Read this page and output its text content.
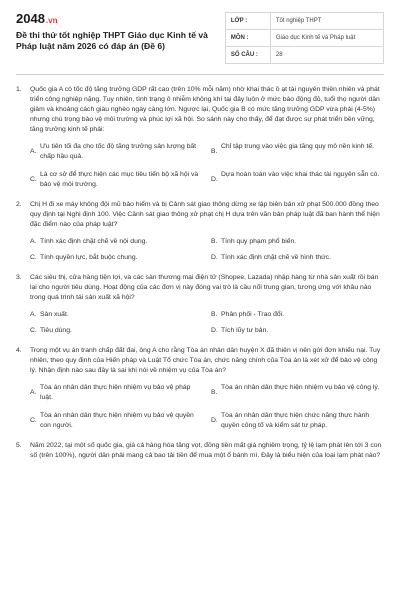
2048.vn
Đề thi thử tốt nghiệp THPT Giáo dục Kinh tế và Pháp luật năm 2026 có đáp án (Đề 6)
LỚP :	Tốt nghiệp THPT
MÔN :	Giáo dục Kinh tế và Pháp luật
SỐ CÂU :	28
1.	Quốc gia A có tốc độ tăng trưởng GDP rất cao (trên 10% mỗi năm) nhờ khai thác ồ ạt tài nguyên thiên nhiên và phát triển công nghiệp nặng. Tuy nhiên, tình trạng ô nhiễm không khí tại đây luôn ở mức báo động đỏ, tuổi thọ người dân giảm và khoảng cách giàu nghèo ngày càng lớn. Ngược lại, Quốc gia B có mức tăng trưởng GDP vừa phải (4-5%) nhưng chú trọng bảo vệ môi trường và phúc lợi xã hội. So sánh này cho thấy, để đạt được sự phát triển bền vững, tăng trưởng kinh tế phải:

A.
Ưu tiên tối đa cho tốc độ tăng trưởng sản lượng bất chấp hậu quả.
B.
Chỉ tập trung vào việc gia tăng quy mô nền kinh tế.
C.
Là cơ sở để thực hiện các mục tiêu tiến bộ xã hội và bảo vệ môi trường.
D.
Dựa hoàn toàn vào việc khai thác tài nguyên sẵn có.
2.	Chị H đi xe máy không đội mũ bảo hiểm và bị Cảnh sát giao thông dừng xe lập biên bản xử phạt 500.000 đồng theo quy định tại Nghị định 100. Việc Cảnh sát giao thông xử phạt chị H dựa trên văn bản pháp luật đã ban hành thể hiện đặc điểm nào của pháp luật?

A. Tính xác định chặt chẽ về nội dung.	B. Tính quy phạm phổ biến.
C. Tính quyền lực, bắt buộc chung.	D. Tính xác định chặt chẽ về hình thức.
3.	Các siêu thị, cửa hàng tiện lợi, và các sàn thương mại điện tử (Shopee, Lazada) nhập hàng từ nhà sản xuất rồi bán lại cho người tiêu dùng. Hoạt động của các đơn vị này đóng vai trò là cầu nối trung gian, tương ứng với khâu nào trong quá trình tái sản xuất xã hội?

A. Sản xuất.	B. Phân phối - Trao đổi.
C. Tiêu dùng.	D. Tích lũy tư bản.
4.	Trong một vụ án tranh chấp đất đai, ông A cho rằng Tòa án nhân dân huyện X đã thiên vị nên gửi đơn khiếu nại. Tuy nhiên, theo quy định của Hiến pháp và Luật Tổ chức Tòa án, chức năng chính của Tòa án là xét xử để bảo vệ công lý. Nhận định nào sau đây là sai khi nói về nhiệm vụ của Tòa án?

A.
Tòa án nhân dân thực hiện nhiệm vụ bảo vệ pháp luật.
B.
Tòa án nhân dân thực hiện nhiệm vụ bảo vệ công lý.
C.
Tòa án nhân dân thực hiện nhiệm vụ bảo vệ quyền con người.
D.
Tòa án nhân dân thực hiện chức năng thực hành quyền công tố và kiểm sát tư pháp.
5.	Năm 2022, tại một số quốc gia, giá cả hàng hóa tăng vọt, đồng tiền mất giá nghiêm trọng, tỷ lệ lạm phát lên tới 3 con số (trên 100%), người dân phải mang cả bao tải tiền để mua một ổ bánh mì. Đây là biểu hiện của loại lạm phát nào?
